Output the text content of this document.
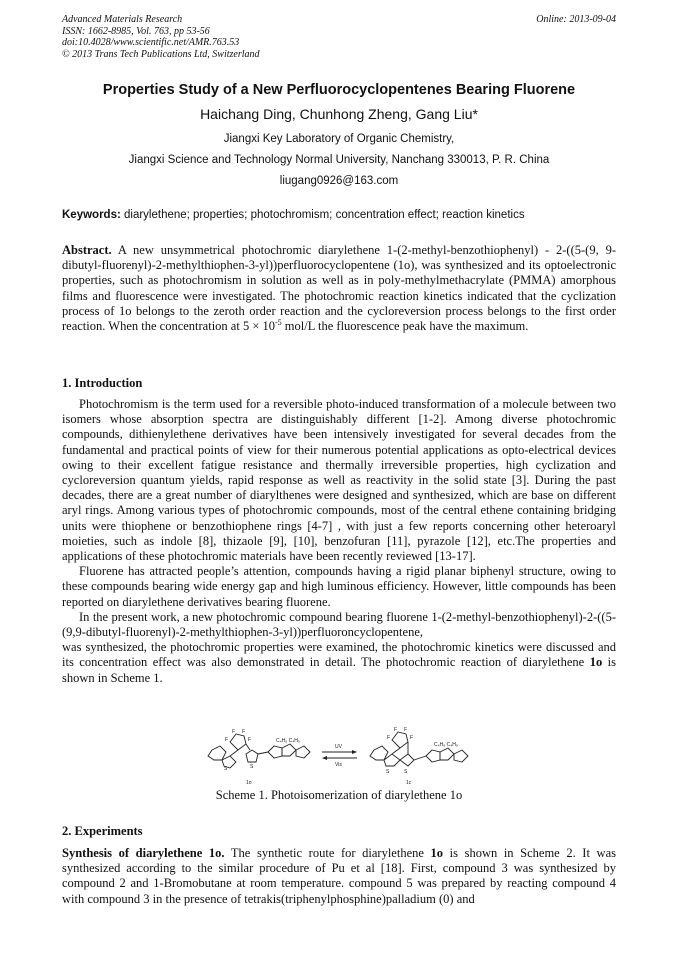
Advanced Materials Research
ISSN: 1662-8985, Vol. 763, pp 53-56
doi:10.4028/www.scientific.net/AMR.763.53
© 2013 Trans Tech Publications Ltd, Switzerland
Online: 2013-09-04
Properties Study of a New Perfluorocyclopentenes Bearing Fluorene
Haichang Ding, Chunhong Zheng, Gang Liu*
Jiangxi Key Laboratory of Organic Chemistry,
Jiangxi Science and Technology Normal University, Nanchang 330013, P. R. China
liugang0926@163.com
Keywords: diarylethene; properties; photochromism; concentration effect; reaction kinetics

Abstract. A new unsymmetrical photochromic diarylethene 1-(2-methyl-benzothiophenyl) - 2-((5-(9, 9-dibutyl-fluorenyl)-2-methylthiophen-3-yl))perfluorocyclopentene (1o), was synthesized and its optoelectronic properties, such as photochromism in solution as well as in poly-methylmethacrylate (PMMA) amorphous films and fluorescence were investigated. The photochromic reaction kinetics indicated that the cyclization process of 1o belongs to the zeroth order reaction and the cycloreversion process belongs to the first order reaction. When the concentration at $5 \times 10^{-5}$ mol/L the fluorescence peak have the maximum.

1. Introduction

Photochromism is the term used for a reversible photo-induced transformation of a molecule between two isomers whose absorption spectra are distinguishably different [1-2]. Among diverse photochromic compounds, dithienylethene derivatives have been intensively investigated for several decades from the fundamental and practical points of view for their numerous potential applications as opto-electrical devices owing to their excellent fatigue resistance and thermally irreversible properties, high cyclization and cycloreversion quantum yields, rapid response as well as reactivity in the solid state [3]. During the past decades, there are a great number of diarylthenes were designed and synthesized, which are base on different aryl rings. Among various types of photochromic compounds, most of the central ethene containing bridging units were thiophene or benzothiophene rings [4-7] , with just a few reports concerning other heteroaryl moieties, such as indole [8], thizaole [9], [10], benzofuran [11], pyrazole [12], etc.The properties and applications of these photochromic materials have been recently reviewed [13-17].

Fluorene has attracted people’s attention, compounds having a rigid planar biphenyl structure, owing to these compounds bearing wide energy gap and high luminous efficiency. However, little compounds has been reported on diarylethene derivatives bearing fluorene.

In the present work, a new photochromic compound bearing fluorene 1-(2-methyl-benzothiophenyl)-2-((5-(9,9-dibutyl-fluorenyl)-2-methylthiophen-3-yl))perfluoroncyclopentene,

was synthesized, the photochromic properties were examined, the photochromic kinetics were discussed and its concentration effect was also demonstrated in detail. The photochromic reaction of diarylethene 1o is shown in Scheme 1.

F F
F	F
S	S
C₄H₉ C₄H₉
1o
UV
Vis
F F
F	F
S	S
C₄H₉ C₄H₉
1c
Scheme 1. Photoisomerization of diarylethene 1o
2. Experiments

Synthesis of diarylethene 1o. The synthetic route for diarylethene 1o is shown in Scheme 2. It was synthesized according to the similar procedure of Pu et al [18]. First, compound 3 was synthesized by compound 2 and 1-Bromobutane at room temperature. compound 5 was prepared by reacting compound 4 with compound 3 in the presence of tetrakis(triphenylphosphine)palladium (0) and
